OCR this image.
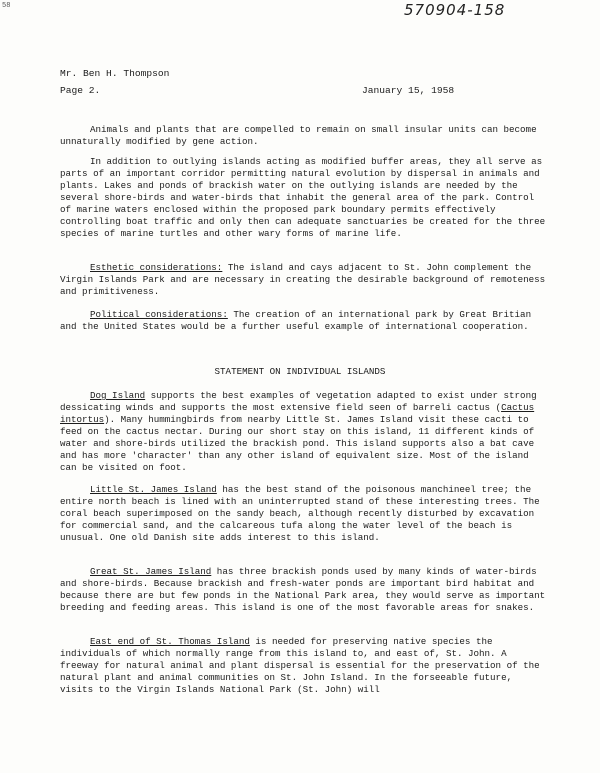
58	570904-158
Mr. Ben H. Thompson
Page 2.	January 15, 1958

Animals and plants that are compelled to remain on small insular units can become unnaturally modified by gene action.

In addition to outlying islands acting as modified buffer areas, they all serve as parts of an important corridor permitting natural evolution by dispersal in animals and plants. Lakes and ponds of brackish water on the outlying islands are needed by the several shore-birds and water-birds that inhabit the general area of the park. Control of marine waters enclosed within the proposed park boundary permits effectively controlling boat traffic and only then can adequate sanctuaries be created for the three species of marine turtles and other wary forms of marine life.

Esthetic considerations: The island and cays adjacent to St. John complement the Virgin Islands Park and are necessary in creating the desirable background of remoteness and primitiveness.

Political considerations: The creation of an international park by Great Britian and the United States would be a further useful example of international cooperation.

STATEMENT ON INDIVIDUAL ISLANDS

Dog Island supports the best examples of vegetation adapted to exist under strong dessicating winds and supports the most extensive field seen of barreli cactus (Cactus intortus). Many hummingbirds from nearby Little St. James Island visit these cacti to feed on the cactus nectar. During our short stay on this island, 11 different kinds of water and shore-birds utilized the brackish pond. This island supports also a bat cave and has more 'character' than any other island of equivalent size. Most of the island can be visited on foot.

Little St. James Island has the best stand of the poisonous manchineel tree; the entire north beach is lined with an uninterrupted stand of these interesting trees. The coral beach superimposed on the sandy beach, although recently disturbed by excavation for commercial sand, and the calcareous tufa along the water level of the beach is unusual. One old Danish site adds interest to this island.

Great St. James Island has three brackish ponds used by many kinds of water-birds and shore-birds. Because brackish and fresh-water ponds are important bird habitat and because there are but few ponds in the National Park area, they would serve as important breeding and feeding areas. This island is one of the most favorable areas for snakes.

East end of St. Thomas Island is needed for preserving native species the individuals of which normally range from this island to, and east of, St. John. A freeway for natural animal and plant dispersal is essential for the preservation of the natural plant and animal communities on St. John Island. In the forseeable future, visits to the Virgin Islands National Park (St. John) will
